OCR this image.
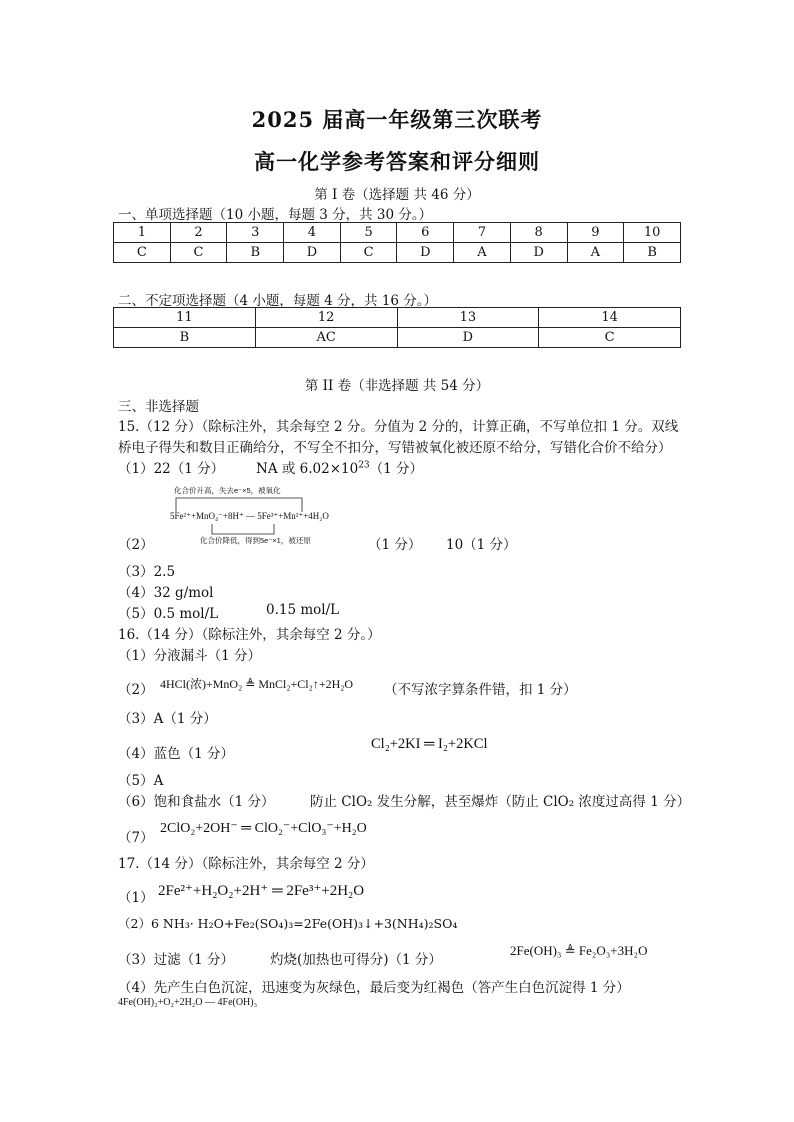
2025 届高一年级第三次联考
高一化学参考答案和评分细则
第 I 卷（选择题 共 46 分）
一、单项选择题（10 小题，每题 3 分，共 30 分。）
1	2	3	4	5	6	7	8	9	10
C	C	B	D	C	D	A	D	A	B
二、不定项选择题（4 小题，每题 4 分，共 16 分。）
11	12	13	14
B	AC	D	C
第 II 卷（非选择题 共 54 分）
三、非选择题
15.（12 分）（除标注外，其余每空 2 分。分值为 2 分的，计算正确，不写单位扣 1 分。双线
桥电子得失和数目正确给分，不写全不扣分，写错被氧化被还原不给分，写错化合价不给分）
（1）22（1 分） NA 或 $6.02\times 10^{23}(1$ 分）
化合价升高，失去e⁻×5，被氧化
5Fe²⁺+MnO₄⁻+8H⁺ — 5Fe³⁺+Mn²⁺+4H₂O
化合价降低，得到5e⁻×1，被还原
（2）	（1 分） 10（1 分）
（3）2.5
（4）32 g/mol
（5）0.5 mol/L	0.15 mol/L
16.（14 分）（除标注外，其余每空 2 分。）
（1）分液漏斗（1 分）
（2） 4HCl(浓)+MnO₂ ≜ MnCl₂+Cl₂↑+2H₂O （不写浓字算条件错，扣 1 分）
（3）A（1 分）
（4）蓝色（1 分）
Cl₂+2KI ═ I₂+2KCl
（5）A
（6）饱和食盐水（1 分）	防止 ClO₂ 发生分解，甚至爆炸（防止 ClO₂ 浓度过高得 1 分）
（7）
2ClO₂+2OH⁻ ═ ClO₂⁻+ClO₃⁻+H₂O
17.（14 分）（除标注外，其余每空 2 分）
（1） 2Fe²⁺+H₂O₂+2H⁺ ═ 2Fe³⁺+2H₂O
（2）6 NH₃· H₂O+Fe₂(SO₄)₃=2Fe(OH)₃↓+3(NH₄)₂SO₄
（3）过滤（1 分）	灼烧(加热也可得分)（1 分）
2Fe(OH)₃ ≜ Fe₂O₃+3H₂O
（4）先产生白色沉淀，迅速变为灰绿色，最后变为红褐色（答产生白色沉淀得 1 分）
4Fe(OH)₂+O₂+2H₂O — 4Fe(OH)₃
